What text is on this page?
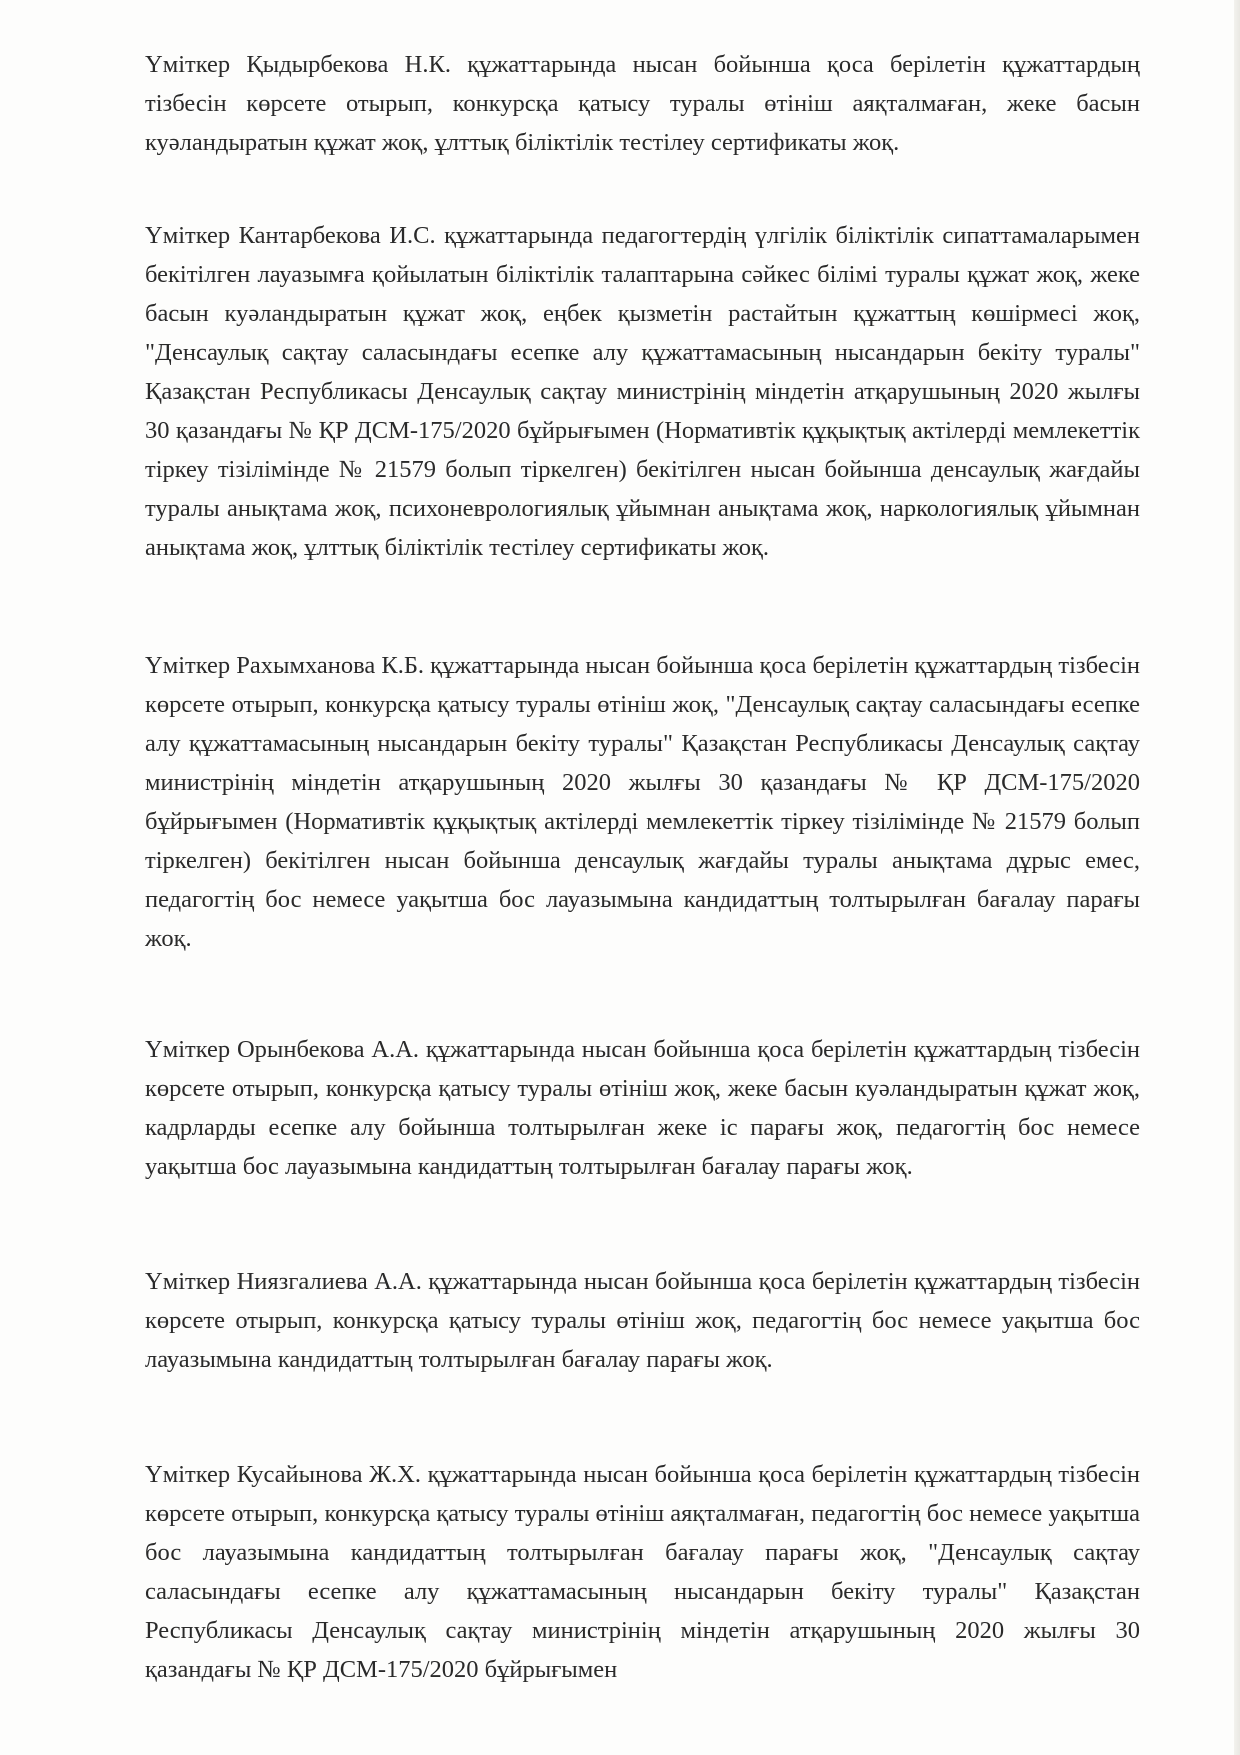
Үміткер Қыдырбекова Н.К. құжаттарында нысан бойынша қоса берілетін құжаттардың тізбесін көрсете отырып, конкурсқа қатысу туралы өтініш аяқталмаған, жеке басын куәландыратын құжат жоқ, ұлттық біліктілік тестілеу сертификаты жоқ.

Үміткер Кантарбекова И.С. құжаттарында педагогтердің үлгілік біліктілік сипаттамаларымен бекітілген лауазымға қойылатын біліктілік талаптарына сәйкес білімі туралы құжат жоқ, жеке басын куәландыратын құжат жоқ, еңбек қызметін растайтын құжаттың көшірмесі жоқ, "Денсаулық сақтау саласындағы есепке алу құжаттамасының нысандарын бекіту туралы" Қазақстан Республикасы Денсаулық сақтау министрінің міндетін атқарушының 2020 жылғы 30 қазандағы № ҚР ДСМ-175/2020 бұйрығымен (Нормативтік құқықтық актілерді мемлекеттік тіркеу тізілімінде № 21579 болып тіркелген) бекітілген нысан бойынша денсаулық жағдайы туралы анықтама жоқ, психоневрологиялық ұйымнан анықтама жоқ, наркологиялық ұйымнан анықтама жоқ, ұлттық біліктілік тестілеу сертификаты жоқ.

Үміткер Рахымханова К.Б. құжаттарында нысан бойынша қоса берілетін құжаттардың тізбесін көрсете отырып, конкурсқа қатысу туралы өтініш жоқ, "Денсаулық сақтау саласындағы есепке алу құжаттамасының нысандарын бекіту туралы" Қазақстан Республикасы Денсаулық сақтау министрінің міндетін атқарушының 2020 жылғы 30 қазандағы № ҚР ДСМ-175/2020 бұйрығымен (Нормативтік құқықтық актілерді мемлекеттік тіркеу тізілімінде № 21579 болып тіркелген) бекітілген нысан бойынша денсаулық жағдайы туралы анықтама дұрыс емес, педагогтің бос немесе уақытша бос лауазымына кандидаттың толтырылған бағалау парағы жоқ.

Үміткер Орынбекова А.А. құжаттарында нысан бойынша қоса берілетін құжаттардың тізбесін көрсете отырып, конкурсқа қатысу туралы өтініш жоқ, жеке басын куәландыратын құжат жоқ, кадрларды есепке алу бойынша толтырылған жеке іс парағы жоқ, педагогтің бос немесе уақытша бос лауазымына кандидаттың толтырылған бағалау парағы жоқ.

Үміткер Ниязгалиева А.А. құжаттарында нысан бойынша қоса берілетін құжаттардың тізбесін көрсете отырып, конкурсқа қатысу туралы өтініш жоқ, педагогтің бос немесе уақытша бос лауазымына кандидаттың толтырылған бағалау парағы жоқ.

Үміткер Кусайынова Ж.Х. құжаттарында нысан бойынша қоса берілетін құжаттардың тізбесін көрсете отырып, конкурсқа қатысу туралы өтініш аяқталмаған, педагогтің бос немесе уақытша бос лауазымына кандидаттың толтырылған бағалау парағы жоқ, "Денсаулық сақтау саласындағы есепке алу құжаттамасының нысандарын бекіту туралы" Қазақстан Республикасы Денсаулық сақтау министрінің міндетін атқарушының 2020 жылғы 30 қазандағы № ҚР ДСМ-175/2020 бұйрығымен
